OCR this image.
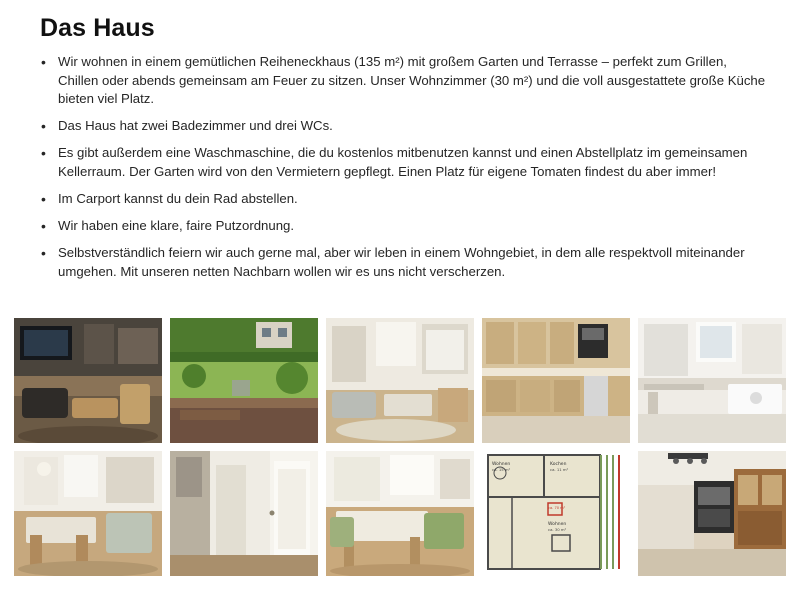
Das Haus
• Wir wohnen in einem gemütlichen Reiheneckhaus (135 m²) mit großem Garten und Terrasse – perfekt zum Grillen, Chillen oder abends gemeinsam am Feuer zu sitzen. Unser Wohnzimmer (30 m²) und die voll ausgestattete große Küche bieten viel Platz.
• Das Haus hat zwei Badezimmer und drei WCs.
• Es gibt außerdem eine Waschmaschine, die du kostenlos mitbenutzen kannst und einen Abstellplatz im gemeinsamen Kellerraum. Der Garten wird von den Vermietern gepflegt. Einen Platz für eigene Tomaten findest du aber immer!
• Im Carport kannst du dein Rad abstellen.
• Wir haben eine klare, faire Putzordnung.
• Selbstverständlich feiern wir auch gerne mal, aber wir leben in einem Wohngebiet, in dem alle respektvoll miteinander umgehen. Mit unseren netten Nachbarn wollen wir es uns nicht verscherzen.
Wohnen	Kochen
ca. 11 m²
ca. 15 m²
Wohnen
ca. 30 m²
ca. 70 m²
